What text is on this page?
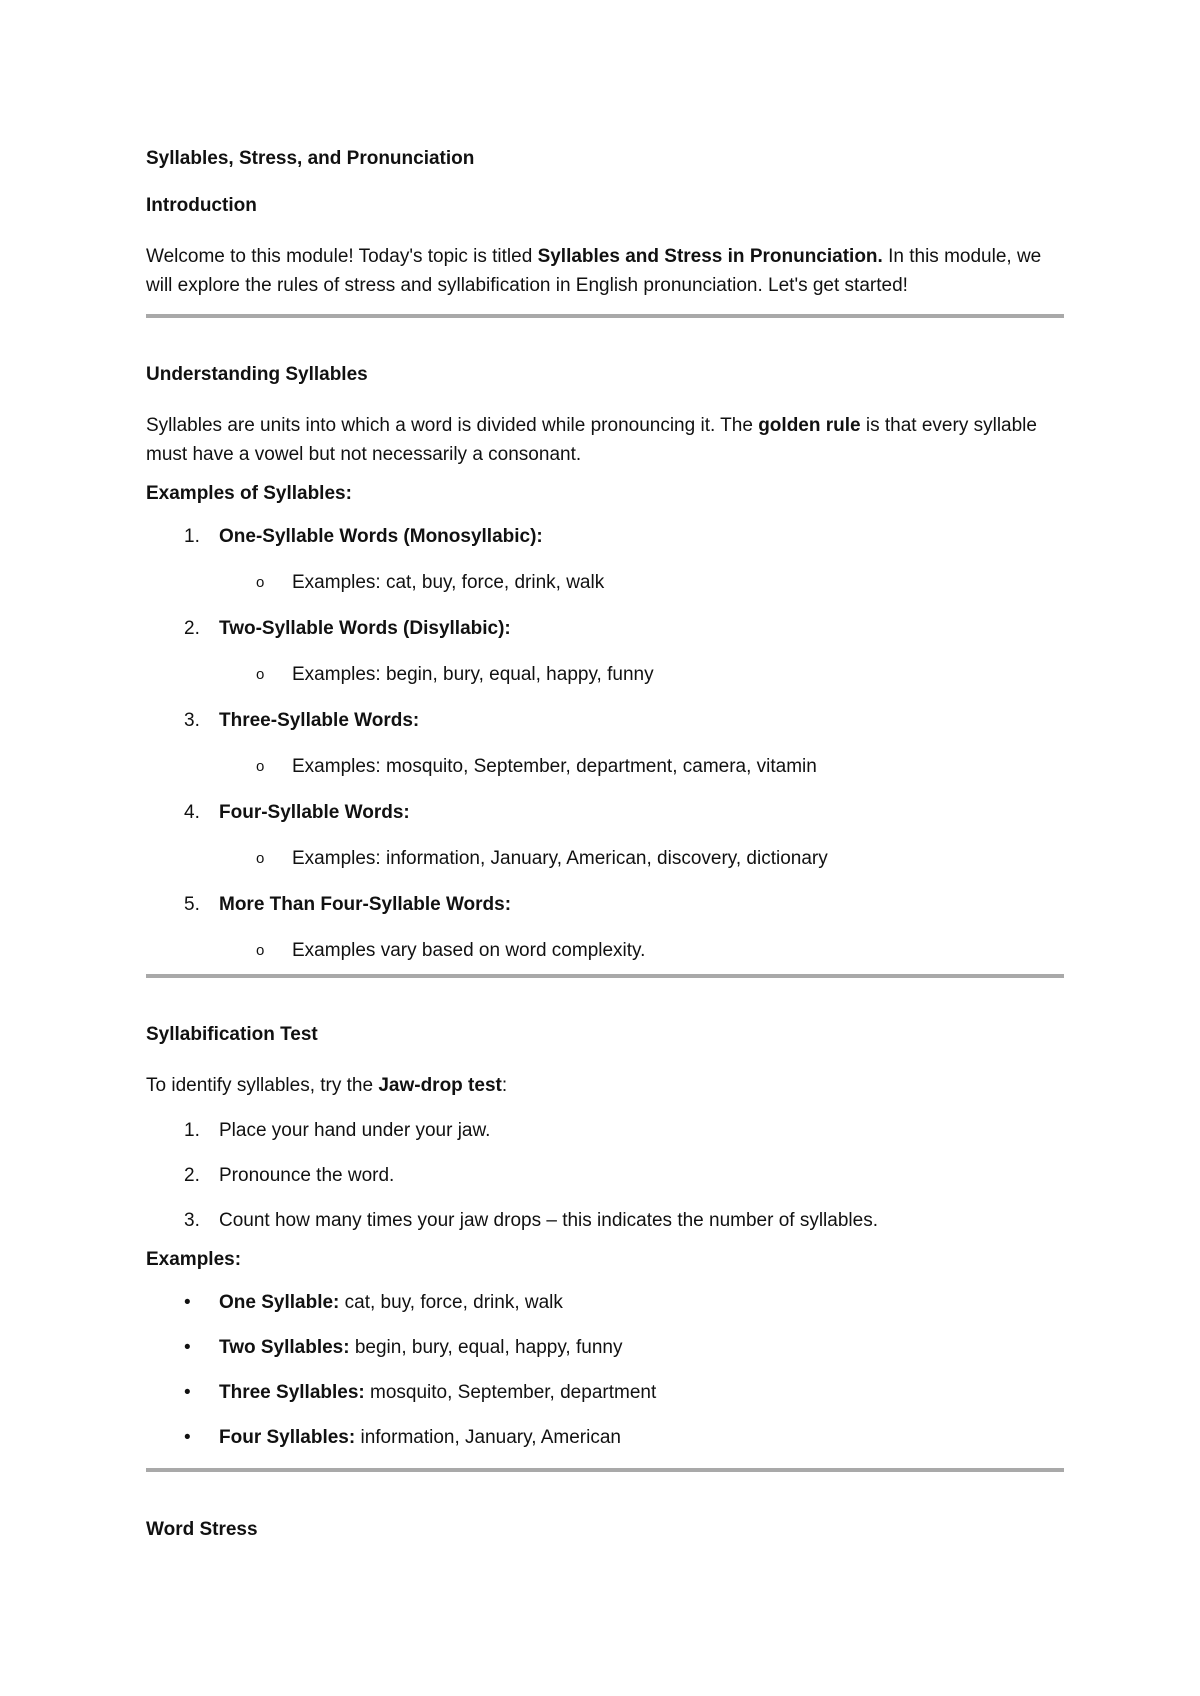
Syllables, Stress, and Pronunciation
Introduction

Welcome to this module! Today's topic is titled Syllables and Stress in Pronunciation. In this module, we will explore the rules of stress and syllabification in English pronunciation. Let's get started!

Understanding Syllables

Syllables are units into which a word is divided while pronouncing it. The golden rule is that every syllable must have a vowel but not necessarily a consonant.

Examples of Syllables:
1.	One-Syllable Words (Monosyllabic):
o	Examples: cat, buy, force, drink, walk
2.	Two-Syllable Words (Disyllabic):
o	Examples: begin, bury, equal, happy, funny
3.	Three-Syllable Words:
o	Examples: mosquito, September, department, camera, vitamin
4.	Four-Syllable Words:
o	Examples: information, January, American, discovery, dictionary
5.	More Than Four-Syllable Words:
o	Examples vary based on word complexity.
Syllabification Test

To identify syllables, try the Jaw-drop test:

1.	Place your hand under your jaw.
2.	Pronounce the word.
3.	Count how many times your jaw drops – this indicates the number of syllables.
Examples:
•	One Syllable: cat, buy, force, drink, walk
•	Two Syllables: begin, bury, equal, happy, funny
•	Three Syllables: mosquito, September, department
•	Four Syllables: information, January, American
Word Stress
